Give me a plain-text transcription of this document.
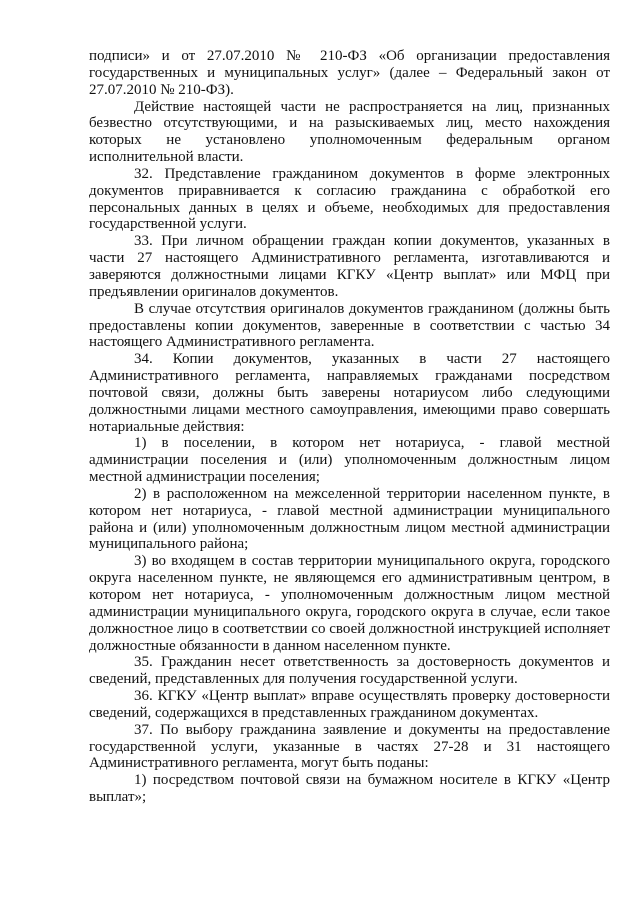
подписи» и от 27.07.2010 № 210-ФЗ «Об организации предоставления государственных и муниципальных услуг» (далее – Федеральный закон от 27.07.2010 № 210-ФЗ).

Действие настоящей части не распространяется на лиц, признанных безвестно отсутствующими, и на разыскиваемых лиц, место нахождения которых не установлено уполномоченным федеральным органом исполнительной власти.

32. Представление гражданином документов в форме электронных документов приравнивается к согласию гражданина с обработкой его персональных данных в целях и объеме, необходимых для предоставления государственной услуги.

33. При личном обращении граждан копии документов, указанных в части 27 настоящего Административного регламента, изготавливаются и заверяются должностными лицами КГКУ «Центр выплат» или МФЦ при предъявлении оригиналов документов.

В случае отсутствия оригиналов документов гражданином (должны быть предоставлены копии документов, заверенные в соответствии с частью 34 настоящего Административного регламента.

34. Копии документов, указанных в части 27 настоящего Административного регламента, направляемых гражданами посредством почтовой связи, должны быть заверены нотариусом либо следующими должностными лицами местного самоуправления, имеющими право совершать нотариальные действия:

1) в поселении, в котором нет нотариуса, - главой местной администрации поселения и (или) уполномоченным должностным лицом местной администрации поселения;

2) в расположенном на межселенной территории населенном пункте, в котором нет нотариуса, - главой местной администрации муниципального района и (или) уполномоченным должностным лицом местной администрации муниципального района;

3) во входящем в состав территории муниципального округа, городского округа населенном пункте, не являющемся его административным центром, в котором нет нотариуса, - уполномоченным должностным лицом местной администрации муниципального округа, городского округа в случае, если такое должностное лицо в соответствии со своей должностной инструкцией исполняет должностные обязанности в данном населенном пункте.

35. Гражданин несет ответственность за достоверность документов и сведений, представленных для получения государственной услуги.

36. КГКУ «Центр выплат» вправе осуществлять проверку достоверности сведений, содержащихся в представленных гражданином документах.

37. По выбору гражданина заявление и документы на предоставление государственной услуги, указанные в частях 27-28 и 31 настоящего Административного регламента, могут быть поданы:

1) посредством почтовой связи на бумажном носителе в КГКУ «Центр выплат»;
